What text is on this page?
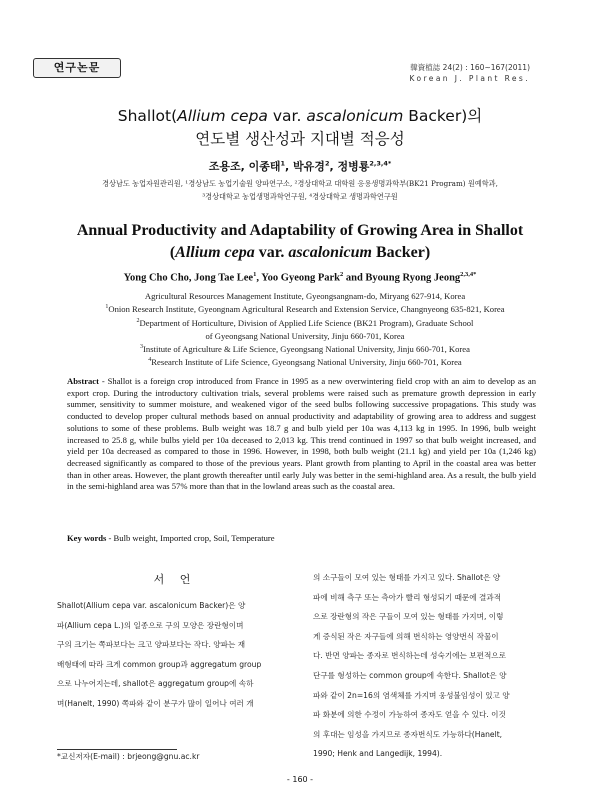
연구논문	韓資植誌 24(2) : 160~167(2011)
Korean J. Plant Res.
Shallot(Allium cepa var. ascalonicum Backer)의
연도별 생산성과 지대별 적응성
조용조, 이종태$^1$, 박유경$^2$, 정병룡$^{2,3,4*}$
경상남도 농업자원관리원, ¹경상남도 농업기술원 양파연구소, ²경상대학교 대학원 응용생명과학부(BK21 Program) 원예학과,
³경상대학교 농업생명과학연구원, ⁴경상대학교 생명과학연구원
Annual Productivity and Adaptability of Growing Area in Shallot
(Allium cepa var. ascalonicum Backer)
Yong Cho Cho, Jong Tae Lee$^1$, Yoo Gyeong Park$^2$ and Byoung Ryong Jeong$^{2,3,4*}$
Agricultural Resources Management Institute, Gyeongsangnam-do, Miryang 627-914, Korea
$^1$Onion Research Institute, Gyeongnam Agricultural Research and Extension Service, Changnyeong 635-821, Korea
$^2$Department of Horticulture, Division of Applied Life Science (BK21 Program), Graduate School
of Gyeongsang National University, Jinju 660-701, Korea
$^3$Institute of Agriculture & Life Science, Gyeongsang National University, Jinju 660-701, Korea
$^4$Research Institute of Life Science, Gyeongsang National University, Jinju 660-701, Korea
Abstract - Shallot is a foreign crop introduced from France in 1995 as a new overwintering field crop with an aim to develop as an export crop. During the introductory cultivation trials, several problems were raised such as premature growth depression in early summer, sensitivity to summer moisture, and weakened vigor of the seed bulbs following successive propagations. This study was conducted to develop proper cultural methods based on annual productivity and adaptability of growing area to address and suggest solutions to some of these problems. Bulb weight was 18.7 g and bulb yield per 10a was 4,113 kg in 1995. In 1996, bulb weight increased to 25.8 g, while bulbs yield per 10a deceased to 2,013 kg. This trend continued in 1997 so that bulb weight increased, and yield per 10a decreased as compared to those in 1996. However, in 1998, both bulb weight (21.1 kg) and yield per 10a (1,246 kg) decreased significantly as compared to those of the previous years. Plant growth from planting to April in the coastal area was better than in other areas. However, the plant growth thereafter until early July was better in the semi-highland area. As a result, the bulb yield in the semi-highland area was 57% more than that in the lowland areas such as the coastal area.
Key words - Bulb weight, Imported crop, Soil, Temperature
서 언
Shallot(Allium cepa var. ascalonicum Backer)은 양
파(Allium cepa L.)의 일종으로 구의 모양은 장란형이며
구의 크기는 쪽파보다는 크고 양파보다는 작다. 양파는 재
배형태에 따라 크게 common group과 aggregatum group
으로 나누어지는데, shallot은 aggregatum group에 속하
며(Hanelt, 1990) 쪽파와 같이 분구가 많이 일어나 여러 개
의 소구들이 모여 있는 형태를 가지고 있다. Shallot은 양
파에 비해 측구 또는 측아가 빨리 형성되기 때문에 결과적
으로 장란형의 작은 구들이 모여 있는 형태를 가지며, 이렇
게 증식된 작은 자구들에 의해 번식하는 영양번식 작물이
다. 반면 양파는 종자로 번식하는데 성숙기에는 보편적으로
단구를 형성하는 common group에 속한다. Shallot은 양
파와 같이 2n=16의 염색체를 가지며 웅성불임성이 있고 양
파 화분에 의한 수정이 가능하여 종자도 얻을 수 있다. 이것
의 후대는 임성을 가지므로 종자번식도 가능하다(Hanelt,
1990; Henk and Langedijk, 1994).
*교신저자(E-mail) : brjeong@gnu.ac.kr
- 160 -
